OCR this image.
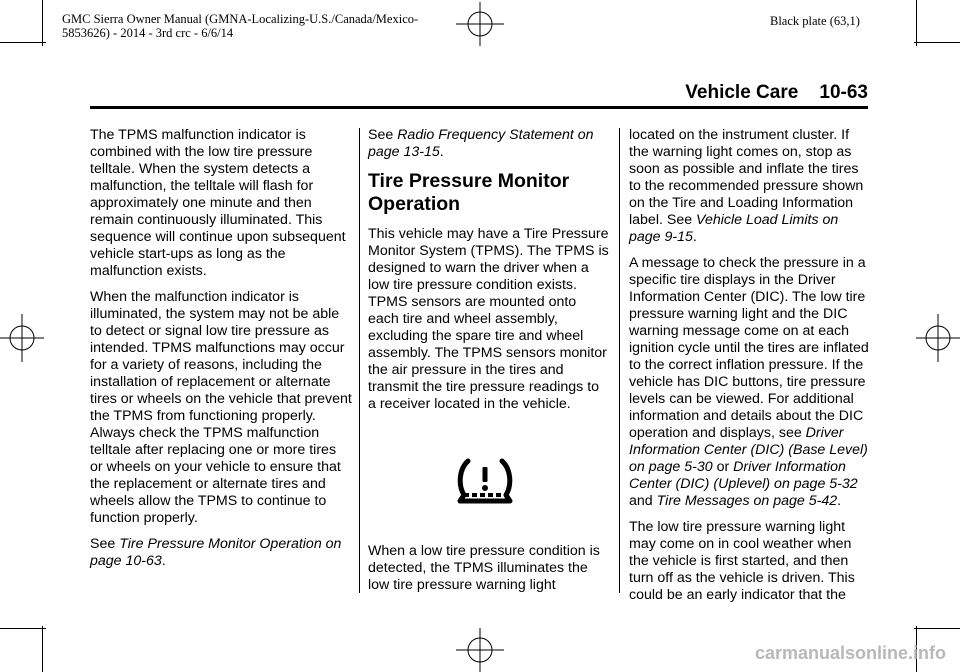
GMC Sierra Owner Manual (GMNA-Localizing-U.S./Canada/Mexico-
5853626) - 2014 - 3rd crc - 6/6/14
Black plate (63,1)
Vehicle Care    10-63

The TPMS malfunction indicator is combined with the low tire pressure telltale. When the system detects a malfunction, the telltale will flash for approximately one minute and then remain continuously illuminated. This sequence will continue upon subsequent vehicle start-ups as long as the malfunction exists.

When the malfunction indicator is illuminated, the system may not be able to detect or signal low tire pressure as intended. TPMS malfunctions may occur for a variety of reasons, including the installation of replacement or alternate tires or wheels on the vehicle that prevent the TPMS from functioning properly. Always check the TPMS malfunction telltale after replacing one or more tires or wheels on your vehicle to ensure that the replacement or alternate tires and wheels allow the TPMS to continue to function properly.

See Tire Pressure Monitor Operation on page 10-63.

See Radio Frequency Statement on page 13-15.

Tire Pressure Monitor Operation

This vehicle may have a Tire Pressure Monitor System (TPMS). The TPMS is designed to warn the driver when a low tire pressure condition exists. TPMS sensors are mounted onto each tire and wheel assembly, excluding the spare tire and wheel assembly. The TPMS sensors monitor the air pressure in the tires and transmit the tire pressure readings to a receiver located in the vehicle.

When a low tire pressure condition is detected, the TPMS illuminates the low tire pressure warning light

located on the instrument cluster. If the warning light comes on, stop as soon as possible and inflate the tires to the recommended pressure shown on the Tire and Loading Information label. See Vehicle Load Limits on page 9-15.

A message to check the pressure in a specific tire displays in the Driver Information Center (DIC). The low tire pressure warning light and the DIC warning message come on at each ignition cycle until the tires are inflated to the correct inflation pressure. If the vehicle has DIC buttons, tire pressure levels can be viewed. For additional information and details about the DIC operation and displays, see Driver Information Center (DIC) (Base Level) on page 5-30 or Driver Information Center (DIC) (Uplevel) on page 5-32 and Tire Messages on page 5-42.

The low tire pressure warning light may come on in cool weather when the vehicle is first started, and then turn off as the vehicle is driven. This could be an early indicator that the

carmanualsonline.info
